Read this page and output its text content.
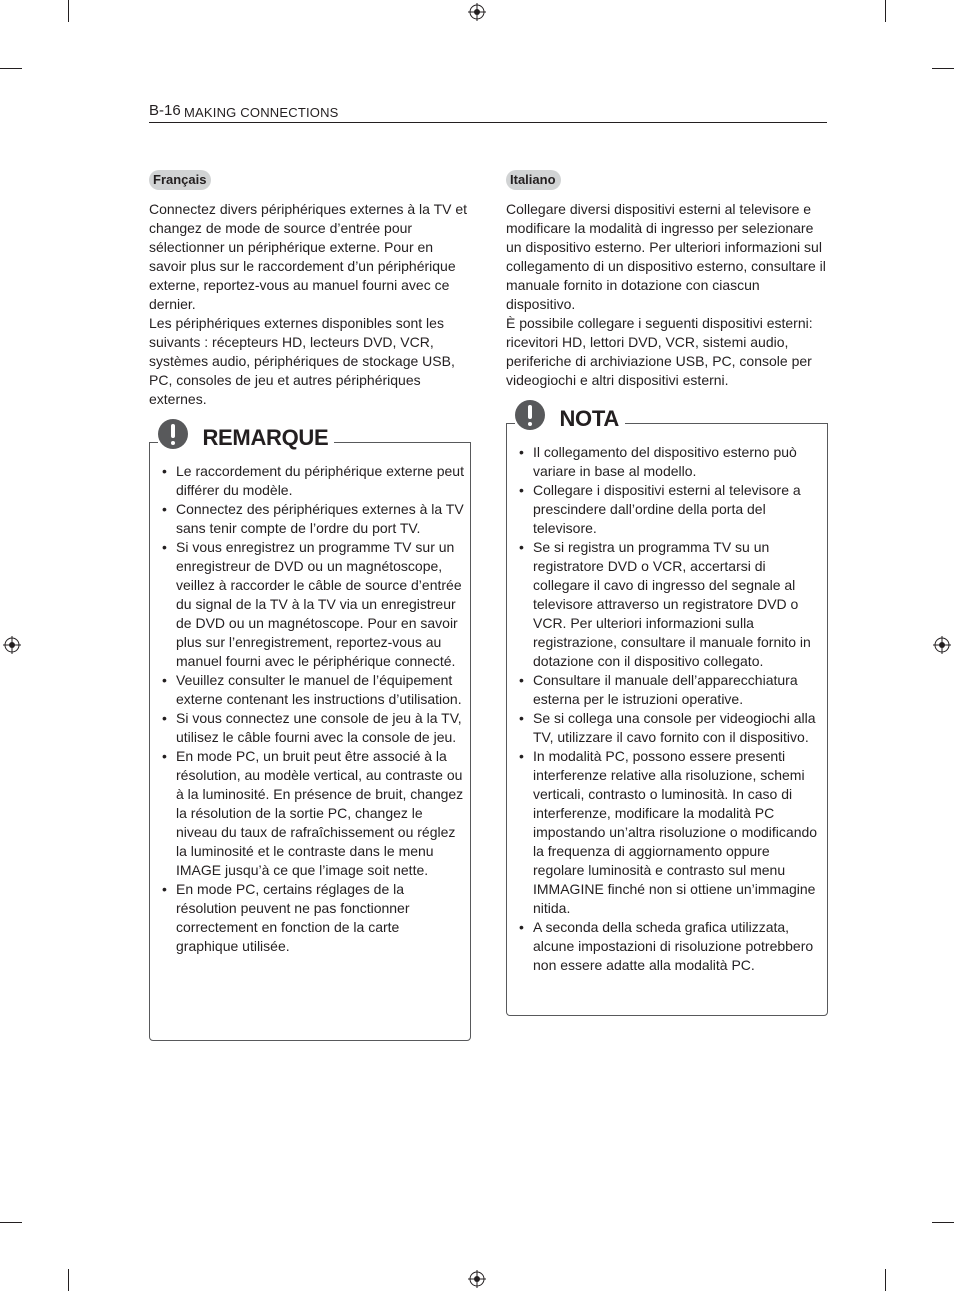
B-16 MAKING CONNECTIONS
Français

Connectez divers périphériques externes à la TV et changez de mode de source d’entrée pour sélectionner un périphérique externe. Pour en savoir plus sur le raccordement d’un périphérique externe, reportez-vous au manuel fourni avec ce dernier.

Les périphériques externes disponibles sont les suivants : récepteurs HD, lecteurs DVD, VCR, systèmes audio, périphériques de stockage USB, PC, consoles de jeu et autres périphériques externes.

REMARQUE
• Le raccordement du périphérique externe peut différer du modèle.
• Connectez des périphériques externes à la TV sans tenir compte de l’ordre du port TV.
• Si vous enregistrez un programme TV sur un enregistreur de DVD ou un magnétoscope, veillez à raccorder le câble de source d’entrée du signal de la TV à la TV via un enregistreur de DVD ou un magnétoscope. Pour en savoir plus sur l’enregistrement, reportez-vous au manuel fourni avec le périphérique connecté.
• Veuillez consulter le manuel de l’équipement externe contenant les instructions d’utilisation.
• Si vous connectez une console de jeu à la TV, utilisez le câble fourni avec la console de jeu.
• En mode PC, un bruit peut être associé à la résolution, au modèle vertical, au contraste ou à la luminosité. En présence de bruit, changez la résolution de la sortie PC, changez le niveau du taux de rafraîchissement ou réglez la luminosité et le contraste dans le menu IMAGE jusqu’à ce que l’image soit nette.
• En mode PC, certains réglages de la résolution peuvent ne pas fonctionner correctement en fonction de la carte graphique utilisée.
Italiano

Collegare diversi dispositivi esterni al televisore e modificare la modalità di ingresso per selezionare un dispositivo esterno. Per ulteriori informazioni sul collegamento di un dispositivo esterno, consultare il manuale fornito in dotazione con ciascun dispositivo.

È possibile collegare i seguenti dispositivi esterni: ricevitori HD, lettori DVD, VCR, sistemi audio, periferiche di archiviazione USB, PC, console per videogiochi e altri dispositivi esterni.

NOTA
• Il collegamento del dispositivo esterno può variare in base al modello.
• Collegare i dispositivi esterni al televisore a prescindere dall’ordine della porta del televisore.
• Se si registra un programma TV su un registratore DVD o VCR, accertarsi di collegare il cavo di ingresso del segnale al televisore attraverso un registratore DVD o VCR. Per ulteriori informazioni sulla registrazione, consultare il manuale fornito in dotazione con il dispositivo collegato.
• Consultare il manuale dell’apparecchiatura esterna per le istruzioni operative.
• Se si collega una console per videogiochi alla TV, utilizzare il cavo fornito con il dispositivo.
• In modalità PC, possono essere presenti interferenze relative alla risoluzione, schemi verticali, contrasto o luminosità. In caso di interferenze, modificare la modalità PC impostando un’altra risoluzione o modificando la frequenza di aggiornamento oppure regolare luminosità e contrasto sul menu IMMAGINE finché non si ottiene un’immagine nitida.
• A seconda della scheda grafica utilizzata, alcune impostazioni di risoluzione potrebbero non essere adatte alla modalità PC.
